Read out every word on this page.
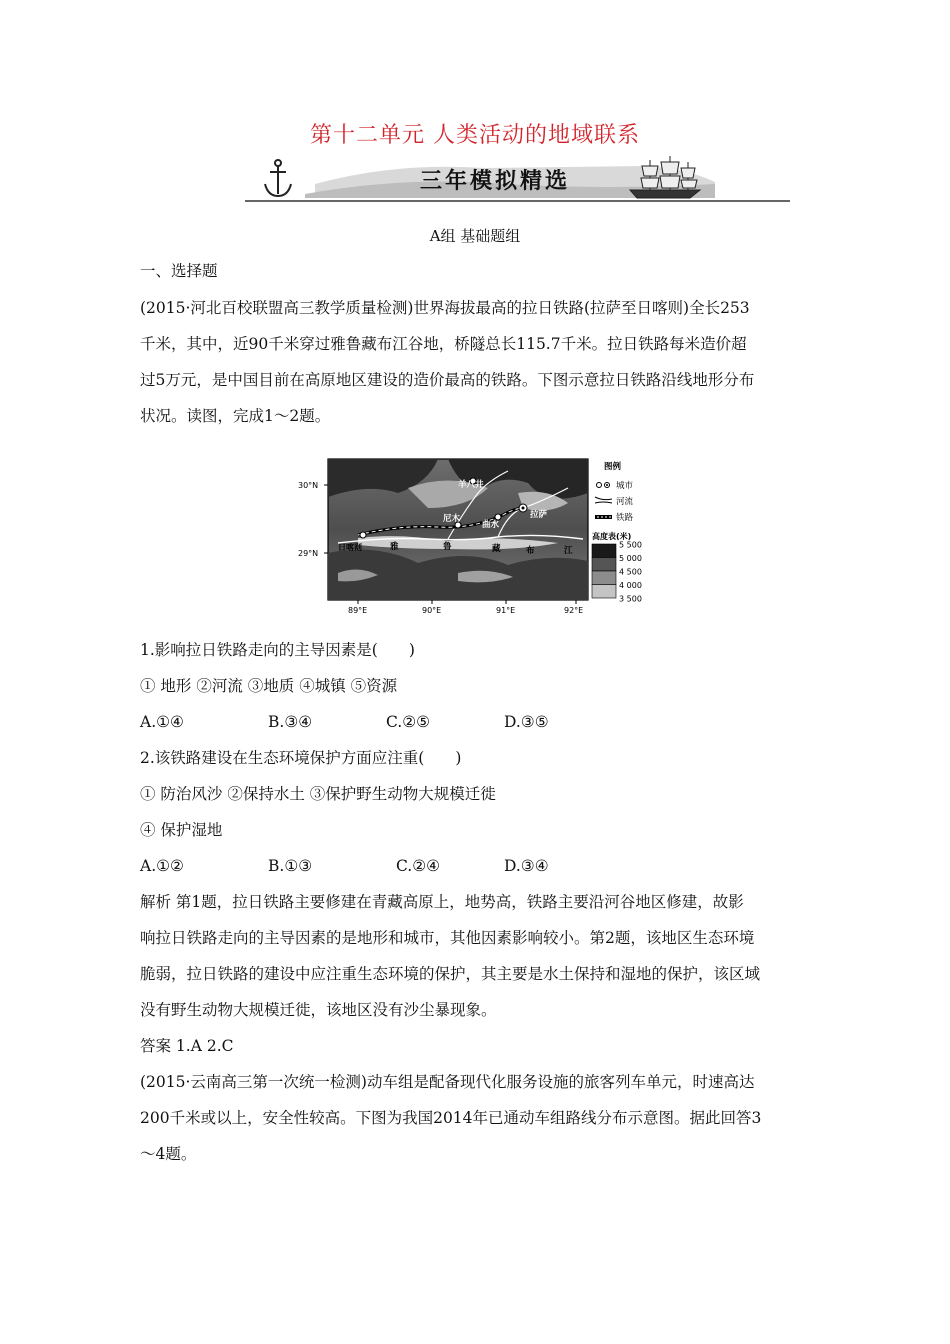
第十二单元 人类活动的地域联系
三年模拟精选
A组 基础题组
一、选择题

(2015·河北百校联盟高三教学质量检测)世界海拔最高的拉日铁路(拉萨至日喀则)全长253

千米，其中，近90千米穿过雅鲁藏布江谷地，桥隧总长115.7千米。拉日铁路每米造价超

过5万元，是中国目前在高原地区建设的造价最高的铁路。下图示意拉日铁路沿线地形分布

状况。读图，完成1～2题。

羊八井
尼木
曲水
拉萨
日喀则	雅	鲁	藏	布	江
30°N
29°N
89°E	90°E	91°E	92°E
图例
城市
河流
铁路
高度表(米)
5 500
5 000
4 500
4 000
3 500

1.影响拉日铁路走向的主导因素是(　　)

① 地形 ②河流 ③地质 ④城镇 ⑤资源

A.①④	B.③④	C.②⑤	D.③⑤

2.该铁路建设在生态环境保护方面应注重(　　)

① 防治风沙 ②保持水土 ③保护野生动物大规模迁徙

④ 保护湿地

A.①②	B.①③	C.②④	D.③④

解析 第1题，拉日铁路主要修建在青藏高原上，地势高，铁路主要沿河谷地区修建，故影

响拉日铁路走向的主导因素的是地形和城市，其他因素影响较小。第2题，该地区生态环境

脆弱，拉日铁路的建设中应注重生态环境的保护，其主要是水土保持和湿地的保护，该区域

没有野生动物大规模迁徙，该地区没有沙尘暴现象。

答案 1.A 2.C

(2015·云南高三第一次统一检测)动车组是配备现代化服务设施的旅客列车单元，时速高达

200千米或以上，安全性较高。下图为我国2014年已通动车组路线分布示意图。据此回答3

～4题。
